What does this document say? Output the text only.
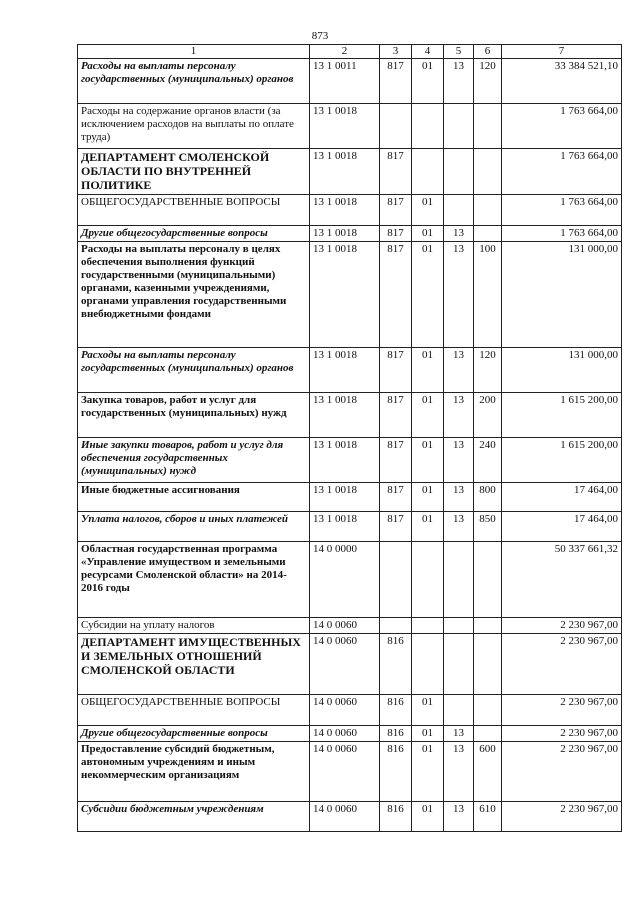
873
1	2	3	4	5	6	7
Расходы на выплаты персоналу государственных (муниципальных) органов	13 1 0011	817	01	13	120	33 384 521,10
Расходы на содержание органов власти (за исключением расходов на выплаты по оплате труда)	13 1 0018					1 763 664,00
ДЕПАРТАМЕНТ СМОЛЕНСКОЙ ОБЛАСТИ ПО ВНУТРЕННЕЙ ПОЛИТИКЕ	13 1 0018	817				1 763 664,00
ОБЩЕГОСУДАРСТВЕННЫЕ ВОПРОСЫ	13 1 0018	817	01			1 763 664,00
Другие общегосударственные вопросы	13 1 0018	817	01	13		1 763 664,00
Расходы на выплаты персоналу в целях обеспечения выполнения функций государственными (муниципальными) органами, казенными учреждениями, органами управления государственными внебюджетными фондами	13 1 0018	817	01	13	100	131 000,00
Расходы на выплаты персоналу государственных (муниципальных) органов	13 1 0018	817	01	13	120	131 000,00
Закупка товаров, работ и услуг для государственных (муниципальных) нужд	13 1 0018	817	01	13	200	1 615 200,00
Иные закупки товаров, работ и услуг для обеспечения государственных (муниципальных) нужд	13 1 0018	817	01	13	240	1 615 200,00
Иные бюджетные ассигнования	13 1 0018	817	01	13	800	17 464,00
Уплата налогов, сборов и иных платежей	13 1 0018	817	01	13	850	17 464,00
Областная государственная программа «Управление имуществом и земельными ресурсами Смоленской области» на 2014-2016 годы	14 0 0000					50 337 661,32
Субсидии на уплату налогов	14 0 0060					2 230 967,00
ДЕПАРТАМЕНТ ИМУЩЕСТВЕННЫХ И ЗЕМЕЛЬНЫХ ОТНОШЕНИЙ СМОЛЕНСКОЙ ОБЛАСТИ	14 0 0060	816				2 230 967,00
ОБЩЕГОСУДАРСТВЕННЫЕ ВОПРОСЫ	14 0 0060	816	01			2 230 967,00
Другие общегосударственные вопросы	14 0 0060	816	01	13		2 230 967,00
Предоставление субсидий бюджетным, автономным учреждениям и иным некоммерческим организациям	14 0 0060	816	01	13	600	2 230 967,00
Субсидии бюджетным учреждениям	14 0 0060	816	01	13	610	2 230 967,00
